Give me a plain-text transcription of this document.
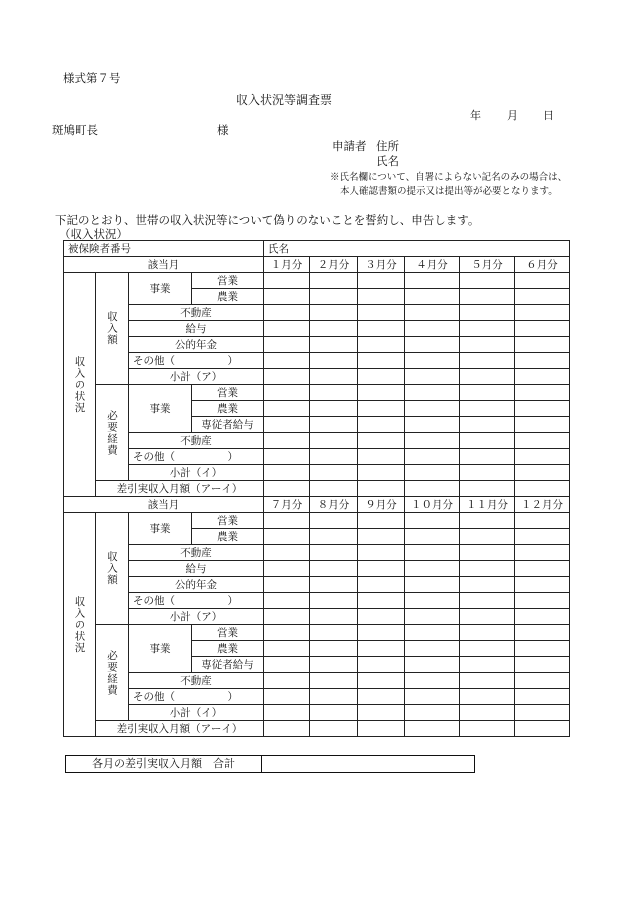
様式第７号
収入状況等調査票
年 月 日
斑鳩町長	様
申請者 住所
氏名
※氏名欄について、自署によらない記名のみの場合は、
本人確認書類の提示又は提出等が必要となります。
下記のとおり、世帯の収入状況等について偽りのないことを誓約し、申告します。
（収入状況）
被保険者番号				氏名					
該当月				１月分	２月分	３月分	４月分	５月分	６月分
収入の状況	収入額	事業	営業						
			農業						
		不動産							
		給与							
		公的年金							
		その他（　　　　　）							
		小計（ア）							
	必要経費	事業	営業						
			農業						
			専従者給与						
		不動産							
		その他（　　　　　）							
		小計（イ）							
	差引実収入月額（アーイ）								
該当月				７月分	８月分	９月分	１０月分	１１月分	１２月分
収入の状況	収入額	事業	営業						
			農業						
		不動産							
		給与							
		公的年金							
		その他（　　　　　）							
		小計（ア）							
	必要経費	事業	営業						
			農業						
			専従者給与						
		不動産							
		その他（　　　　　）							
		小計（イ）							
	差引実収入月額（アーイ）								
各月の差引実収入月額　合計	
